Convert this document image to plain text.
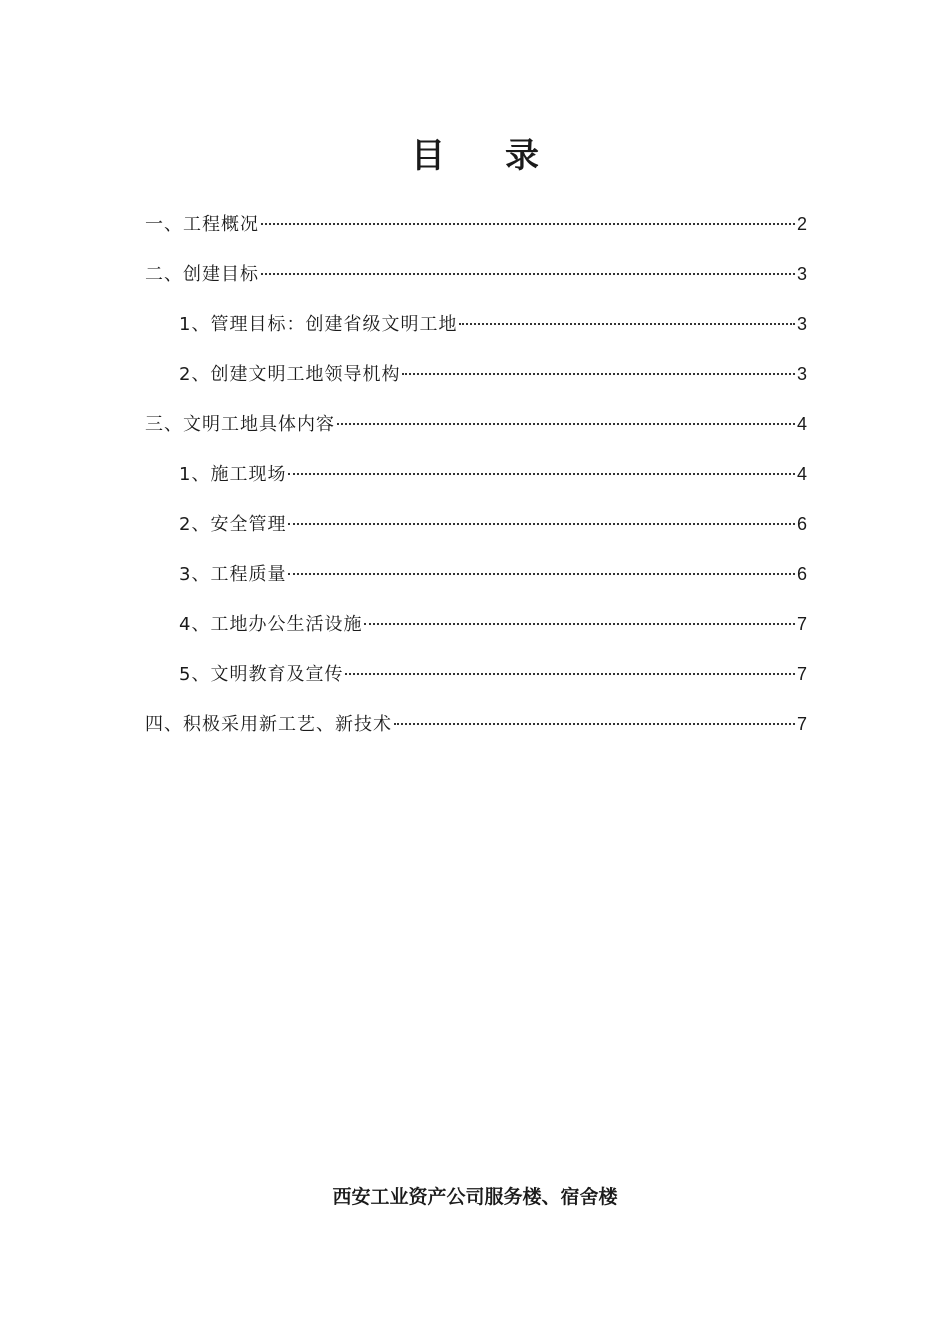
目 录
一、工程概况	2
二、创建目标	3
1、管理目标：创建省级文明工地	3
2、创建文明工地领导机构	3
三、文明工地具体内容	4
1、施工现场	4
2、安全管理	6
3、工程质量	6
4、工地办公生活设施	7
5、文明教育及宣传	7
四、积极采用新工艺、新技术	7
西安工业资产公司服务楼、宿舍楼
